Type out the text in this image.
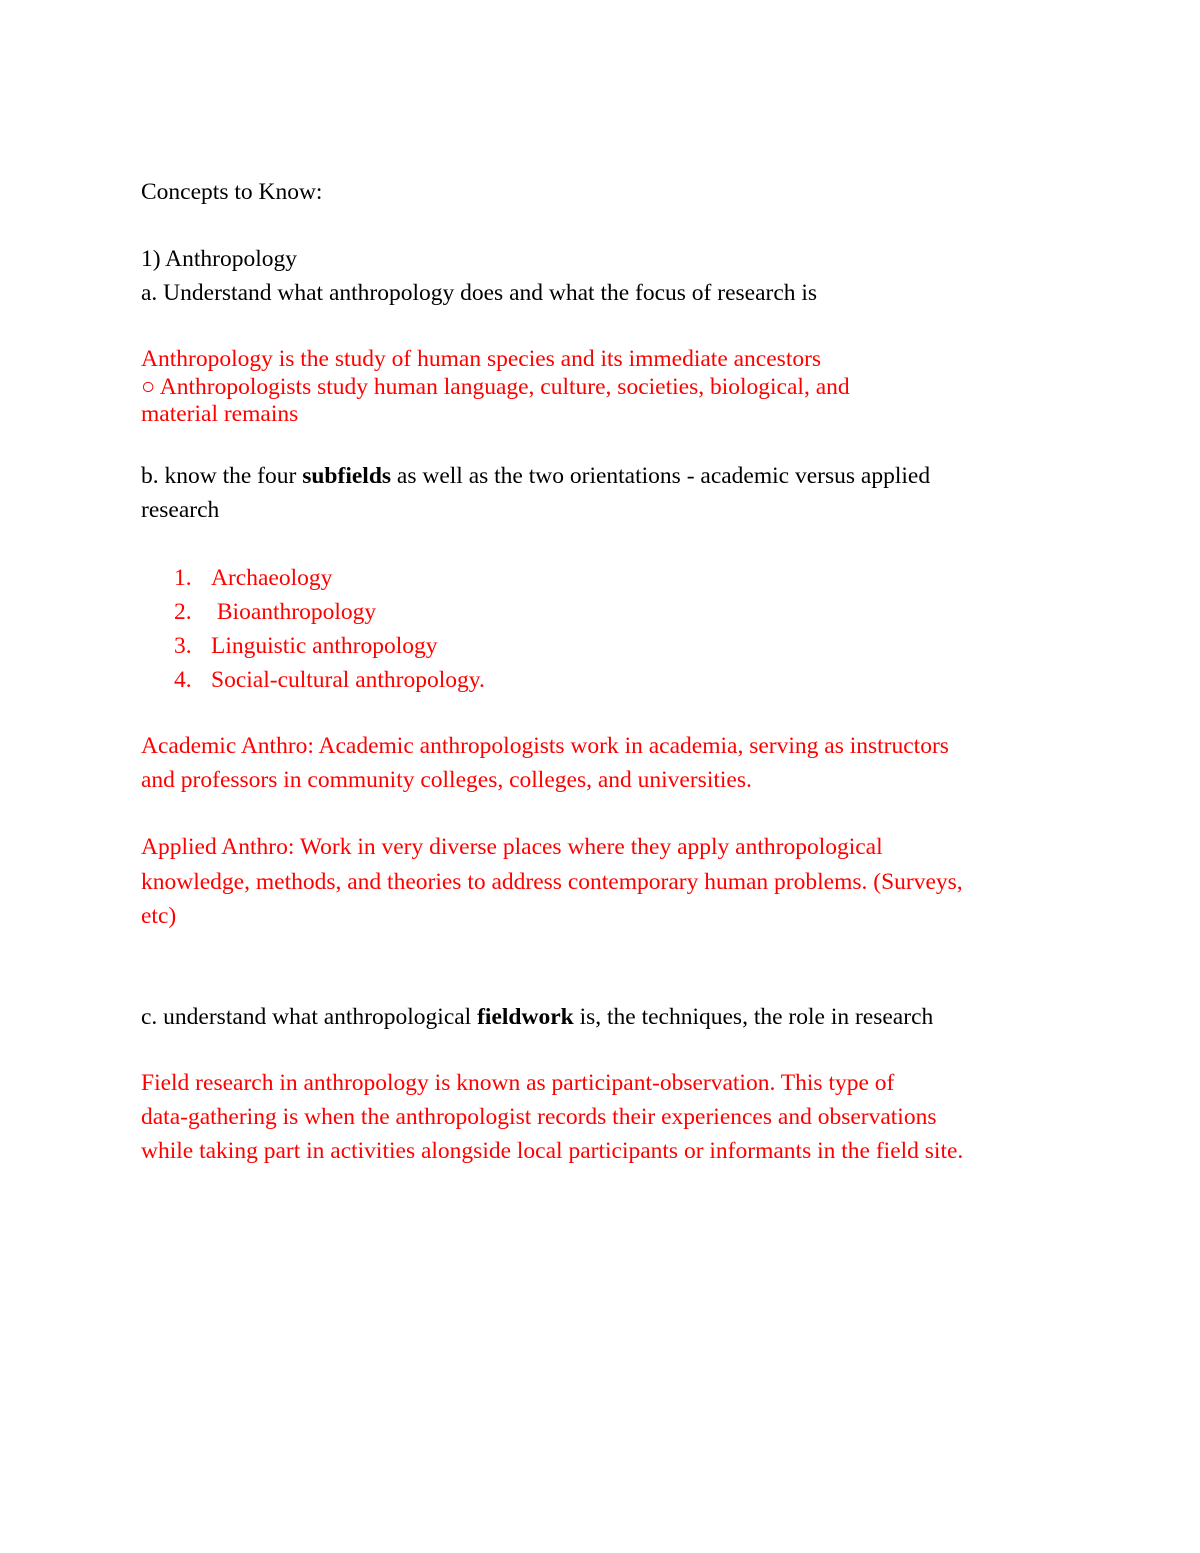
Concepts to Know:

1) Anthropology

a. Understand what anthropology does and what the focus of research is

Anthropology is the study of human species and its immediate ancestors

○ Anthropologists study human language, culture, societies, biological, and

material remains

b. know the four subfields as well as the two orientations - academic versus applied

research

1. Archaeology
2. Bioanthropology
3. Linguistic anthropology
4. Social-cultural anthropology.

Academic Anthro: Academic anthropologists work in academia, serving as instructors

and professors in community colleges, colleges, and universities.

Applied Anthro: Work in very diverse places where they apply anthropological

knowledge, methods, and theories to address contemporary human problems. (Surveys,

etc)

c. understand what anthropological fieldwork is, the techniques, the role in research

Field research in anthropology is known as participant-observation. This type of

data-gathering is when the anthropologist records their experiences and observations

while taking part in activities alongside local participants or informants in the field site.
